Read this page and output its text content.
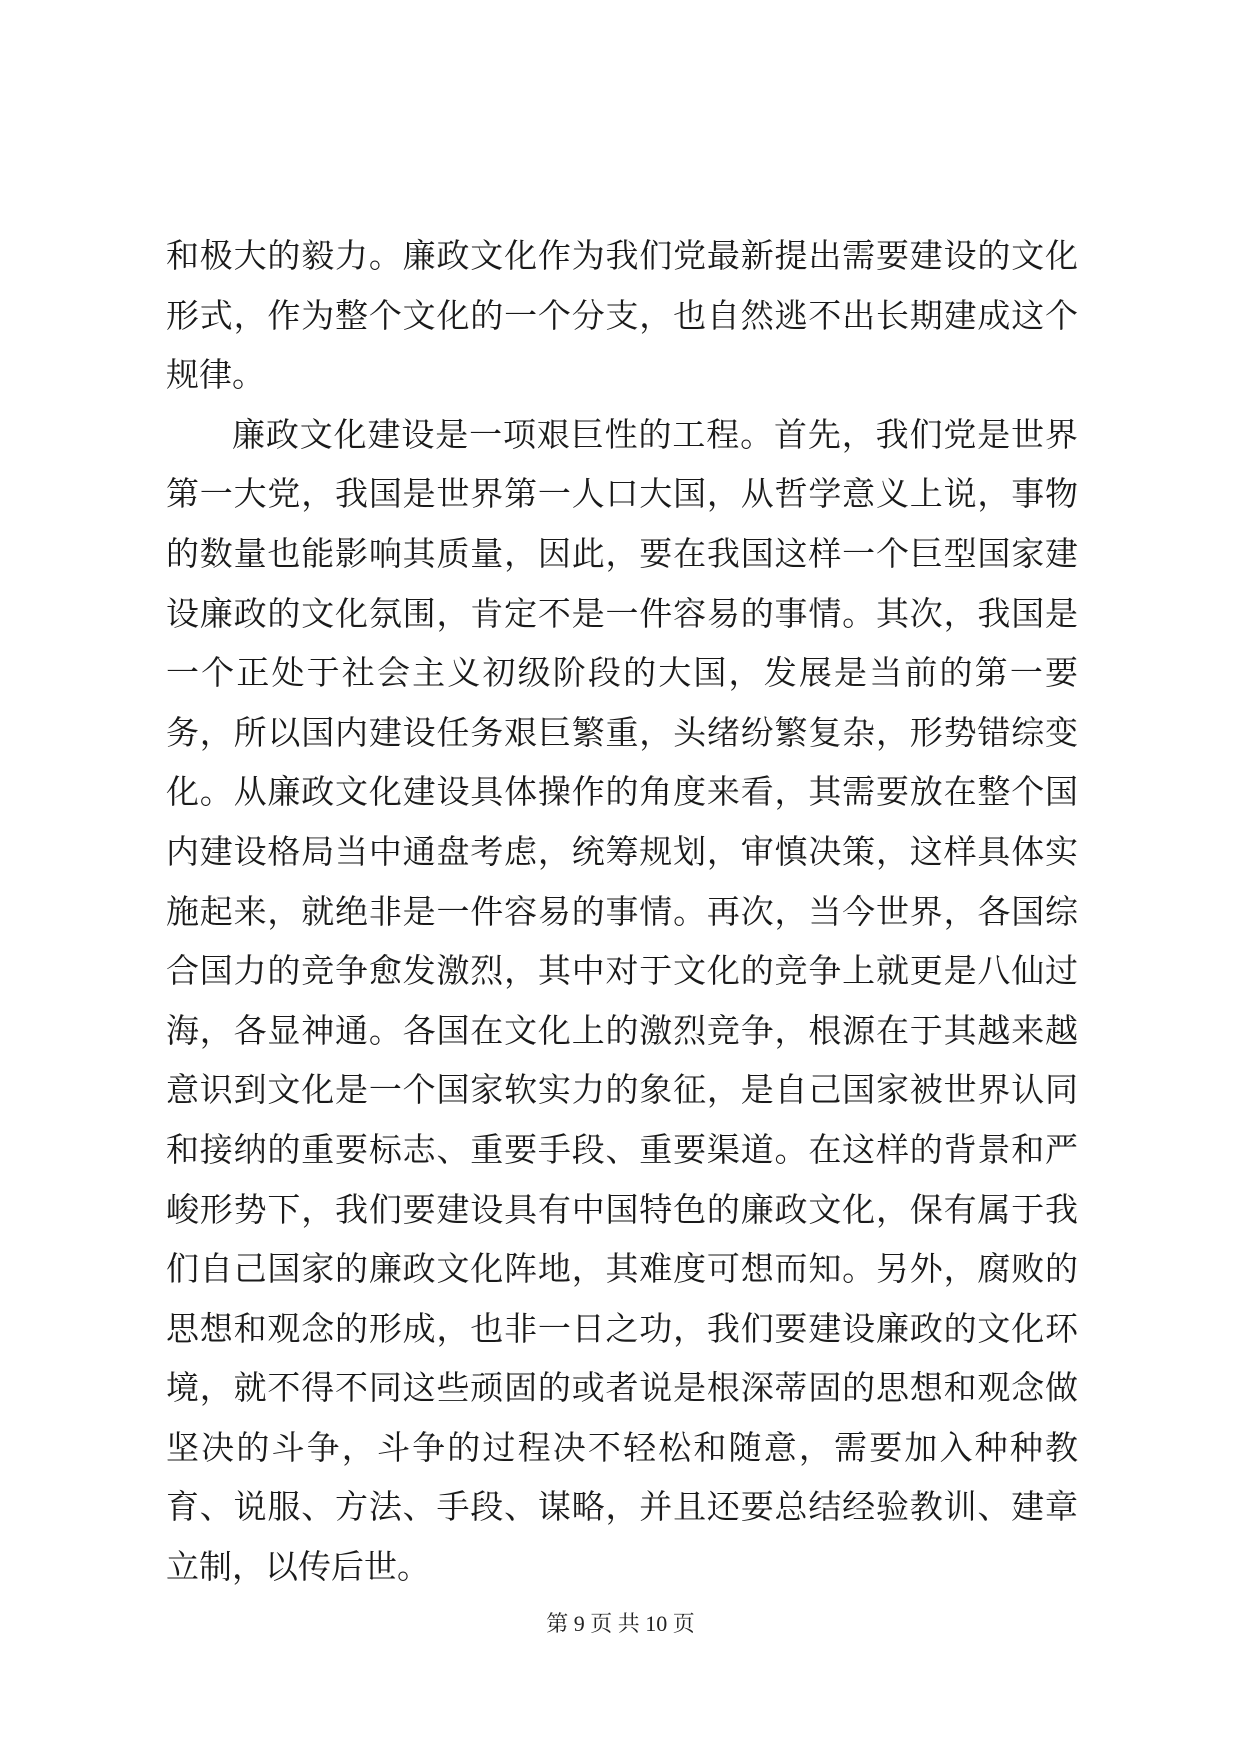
和极大的毅力。廉政文化作为我们党最新提出需要建设的文化形式，作为整个文化的一个分支，也自然逃不出长期建成这个规律。

廉政文化建设是一项艰巨性的工程。首先，我们党是世界第一大党，我国是世界第一人口大国，从哲学意义上说，事物的数量也能影响其质量，因此，要在我国这样一个巨型国家建设廉政的文化氛围，肯定不是一件容易的事情。其次，我国是一个正处于社会主义初级阶段的大国，发展是当前的第一要务，所以国内建设任务艰巨繁重，头绪纷繁复杂，形势错综变化。从廉政文化建设具体操作的角度来看，其需要放在整个国内建设格局当中通盘考虑，统筹规划，审慎决策，这样具体实施起来，就绝非是一件容易的事情。再次，当今世界，各国综合国力的竞争愈发激烈，其中对于文化的竞争上就更是八仙过海，各显神通。各国在文化上的激烈竞争，根源在于其越来越意识到文化是一个国家软实力的象征，是自己国家被世界认同和接纳的重要标志、重要手段、重要渠道。在这样的背景和严峻形势下，我们要建设具有中国特色的廉政文化，保有属于我们自己国家的廉政文化阵地，其难度可想而知。另外，腐败的思想和观念的形成，也非一日之功，我们要建设廉政的文化环境，就不得不同这些顽固的或者说是根深蒂固的思想和观念做坚决的斗争，斗争的过程决不轻松和随意，需要加入种种教育、说服、方法、手段、谋略，并且还要总结经验教训、建章立制，以传后世。

第 9 页 共 10 页
